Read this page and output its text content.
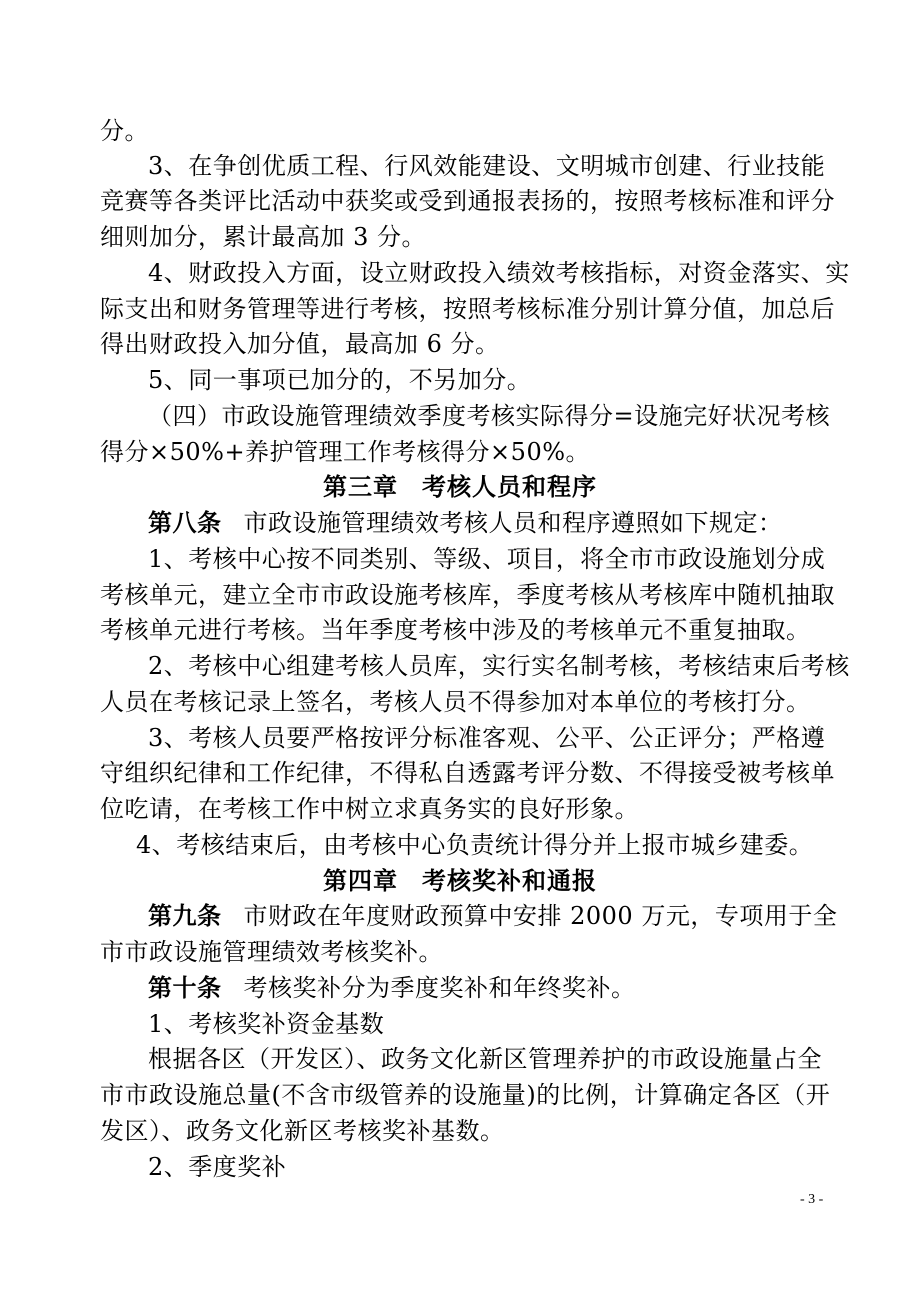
分。
3、在争创优质工程、行风效能建设、文明城市创建、行业技能
竞赛等各类评比活动中获奖或受到通报表扬的，按照考核标准和评分
细则加分，累计最高加 3 分。
4、财政投入方面，设立财政投入绩效考核指标，对资金落实、实
际支出和财务管理等进行考核，按照考核标准分别计算分值，加总后
得出财政投入加分值，最高加 6 分。
5、同一事项已加分的，不另加分。
（四）市政设施管理绩效季度考核实际得分=设施完好状况考核
得分×50%+养护管理工作考核得分×50%。
第三章 考核人员和程序
第八条 市政设施管理绩效考核人员和程序遵照如下规定：
1、考核中心按不同类别、等级、项目，将全市市政设施划分成
考核单元，建立全市市政设施考核库，季度考核从考核库中随机抽取
考核单元进行考核。当年季度考核中涉及的考核单元不重复抽取。
2、考核中心组建考核人员库，实行实名制考核，考核结束后考核
人员在考核记录上签名，考核人员不得参加对本单位的考核打分。
3、考核人员要严格按评分标准客观、公平、公正评分；严格遵
守组织纪律和工作纪律，不得私自透露考评分数、不得接受被考核单
位吃请，在考核工作中树立求真务实的良好形象。
4、考核结束后，由考核中心负责统计得分并上报市城乡建委。
第四章 考核奖补和通报
第九条 市财政在年度财政预算中安排 2000 万元，专项用于全
市市政设施管理绩效考核奖补。
第十条 考核奖补分为季度奖补和年终奖补。
1、考核奖补资金基数
根据各区（开发区）、政务文化新区管理养护的市政设施量占全
市市政设施总量(不含市级管养的设施量)的比例，计算确定各区（开
发区）、政务文化新区考核奖补基数。
2、季度奖补
- 3 -
